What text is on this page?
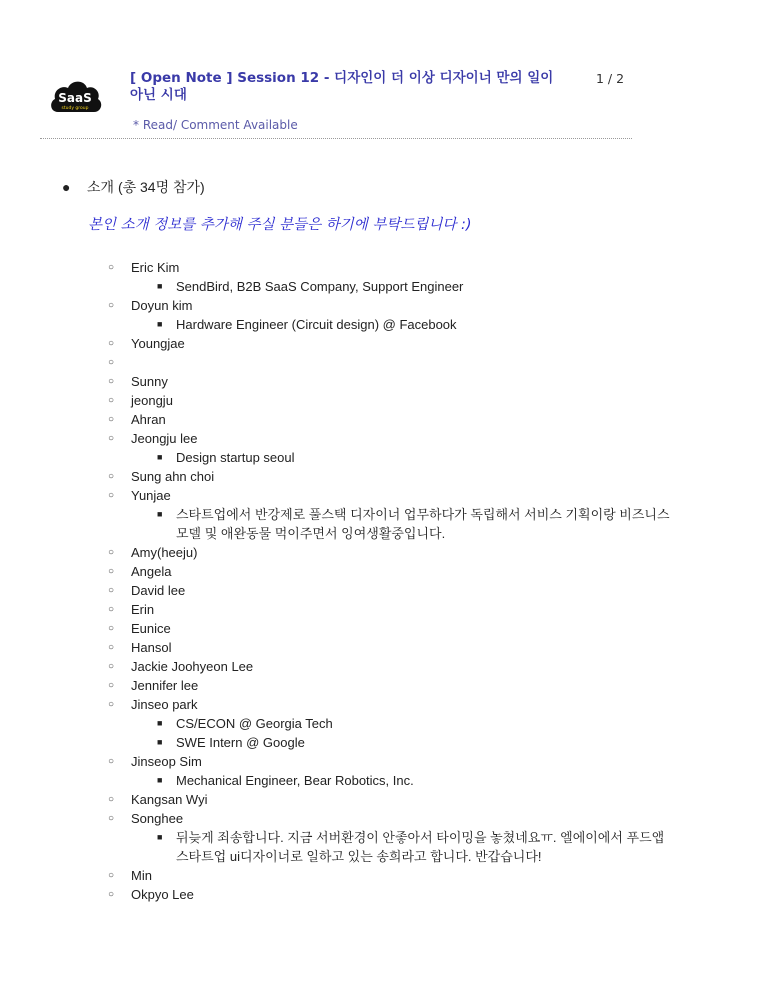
SaaS
study group
[ Open Note ] Session 12 - 디자인이 더 이상 디자이너 만의 일이 아닌 시대
1 / 2
* Read/ Comment Available
● 소개 (총 34명 참가)
본인 소개 정보를 추가해 주실 분들은 하기에 부탁드립니다 :)
○ Eric Kim
■ SendBird, B2B SaaS Company, Support Engineer
○ Doyun kim
■ Hardware Engineer (Circuit design) @ Facebook
○ Youngjae
○
○ Sunny
○ jeongju
○ Ahran
○ Jeongju lee
■ Design startup seoul
○ Sung ahn choi
○ Yunjae
■ 스타트업에서 반강제로 풀스택 디자이너 업무하다가 독립해서 서비스 기획이랑 비즈니스 모델 및 애완동물 먹이주면서 잉여생활중입니다.
○ Amy(heeju)
○ Angela
○ David lee
○ Erin
○ Eunice
○ Hansol
○ Jackie Joohyeon Lee
○ Jennifer lee
○ Jinseo park
■ CS/ECON @ Georgia Tech
■ SWE Intern @ Google
○ Jinseop Sim
■ Mechanical Engineer, Bear Robotics, Inc.
○ Kangsan Wyi
○ Songhee
■ 뒤늦게 죄송합니다. 지금 서버환경이 안좋아서 타이밍을 놓쳤네요ㅠ. 엘에이에서 푸드앱 스타트업 ui디자이너로 일하고 있는 송희라고 합니다. 반갑습니다!
○ Min
○ Okpyo Lee
